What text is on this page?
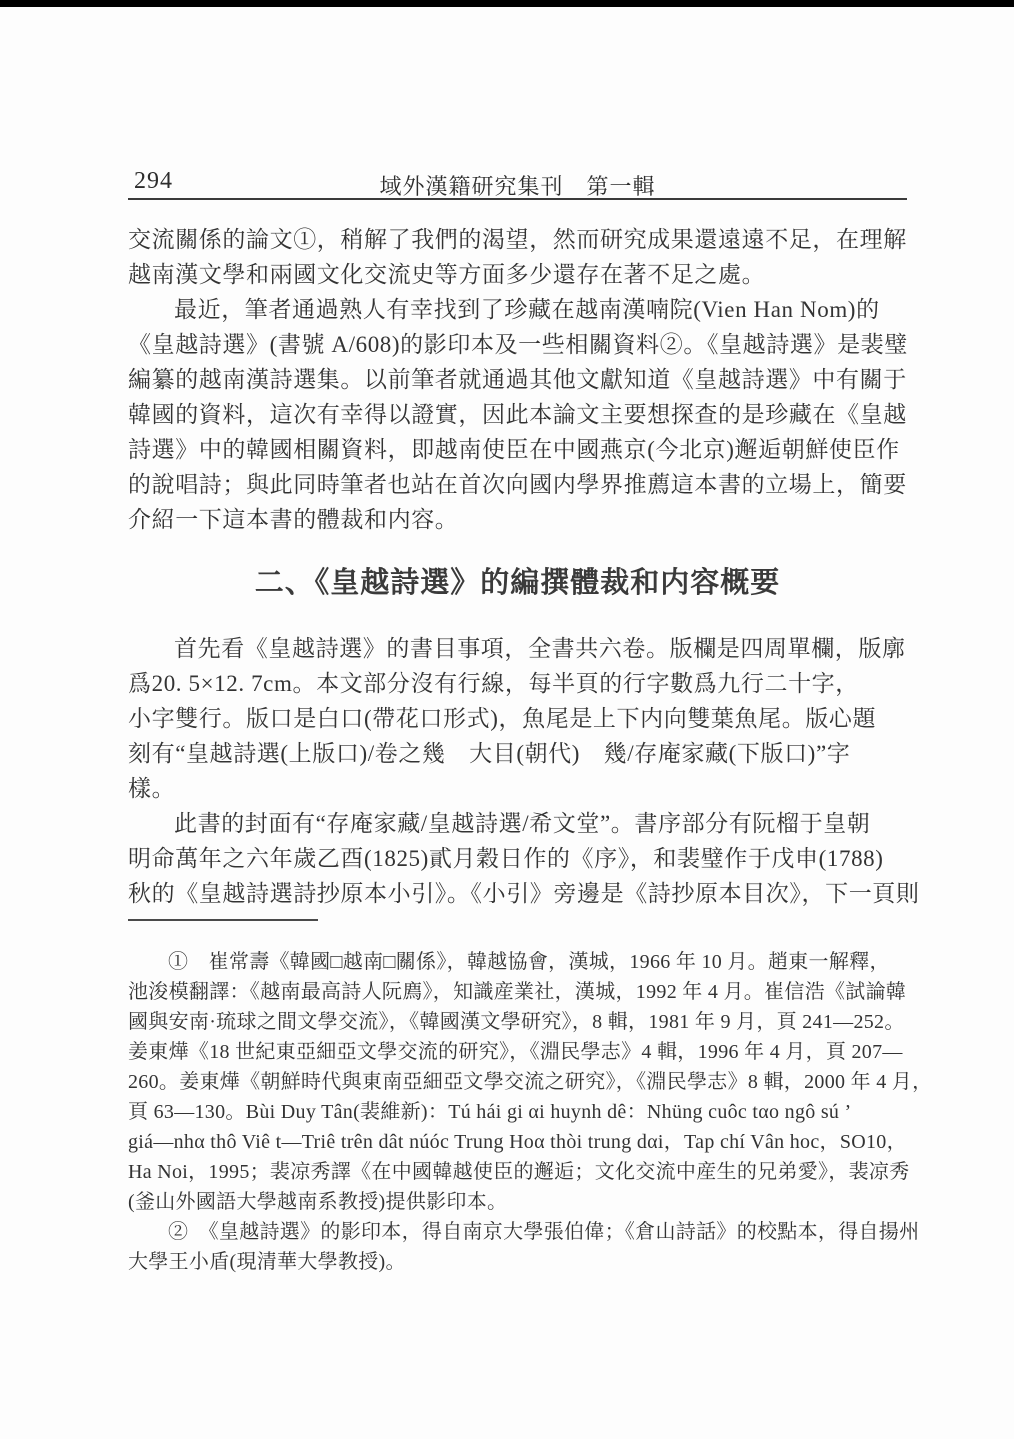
294	域外漢籍研究集刊　第一輯
交流關係的論文①，稍解了我們的渴望，然而研究成果還遠遠不足，在理解
越南漢文學和兩國文化交流史等方面多少還存在著不足之處。
最近，筆者通過熟人有幸找到了珍藏在越南漢喃院(Vien Han Nom)的
《皇越詩選》(書號 A/608)的影印本及一些相關資料②。《皇越詩選》是裴璧
編纂的越南漢詩選集。以前筆者就通過其他文獻知道《皇越詩選》中有關于
韓國的資料，這次有幸得以證實，因此本論文主要想探查的是珍藏在《皇越
詩選》中的韓國相關資料，即越南使臣在中國燕京(今北京)邂逅朝鮮使臣作
的說唱詩；與此同時筆者也站在首次向國内學界推薦這本書的立場上，簡要
介紹一下這本書的體裁和内容。
二、《皇越詩選》的編撰體裁和内容概要
首先看《皇越詩選》的書目事項，全書共六卷。版欄是四周單欄，版廓
爲20. 5×12. 7cm。本文部分沒有行線，每半頁的行字數爲九行二十字，
小字雙行。版口是白口(帶花口形式)，魚尾是上下内向雙葉魚尾。版心題
刻有“皇越詩選(上版口)/卷之幾　大目(朝代)　幾/存庵家藏(下版口)”字
樣。
此書的封面有“存庵家藏/皇越詩選/希文堂”。書序部分有阮榴于皇朝
明命萬年之六年歲乙酉(1825)貳月穀日作的《序》，和裴璧作于戊申(1788)
秋的《皇越詩選詩抄原本小引》。《小引》旁邊是《詩抄原本目次》，下一頁則
①　崔常壽《韓國□越南□關係》，韓越協會，漢城，1966 年 10 月。趙東一解釋，
池浚模翻譯：《越南最高詩人阮廌》，知識産業社，漢城，1992 年 4 月。崔信浩《試論韓
國與安南·琉球之間文學交流》，《韓國漢文學研究》，8 輯，1981 年 9 月，頁 241—252。
姜東燁《18 世紀東亞細亞文學交流的研究》，《淵民學志》4 輯，1996 年 4 月，頁 207—
260。姜東燁《朝鮮時代與東南亞細亞文學交流之研究》，《淵民學志》8 輯，2000 年 4 月，
頁 63—130。Bùi Duy Tân(裴維新)：Tú hái gi αi huynh dê：Nhüng cuôc tαo ngô sú ’
giá—nhα thô Viê t—Triê trên dât núóc Trung Hoα thòi trung dαi，Tap chí Vân hoc，SO10，
Ha Noi，1995；裴凉秀譯《在中國韓越使臣的邂逅；文化交流中産生的兄弟愛》，裴凉秀
(釜山外國語大學越南系教授)提供影印本。
②　《皇越詩選》的影印本，得自南京大學張伯偉；《倉山詩話》的校點本，得自揚州
大學王小盾(現清華大學教授)。
